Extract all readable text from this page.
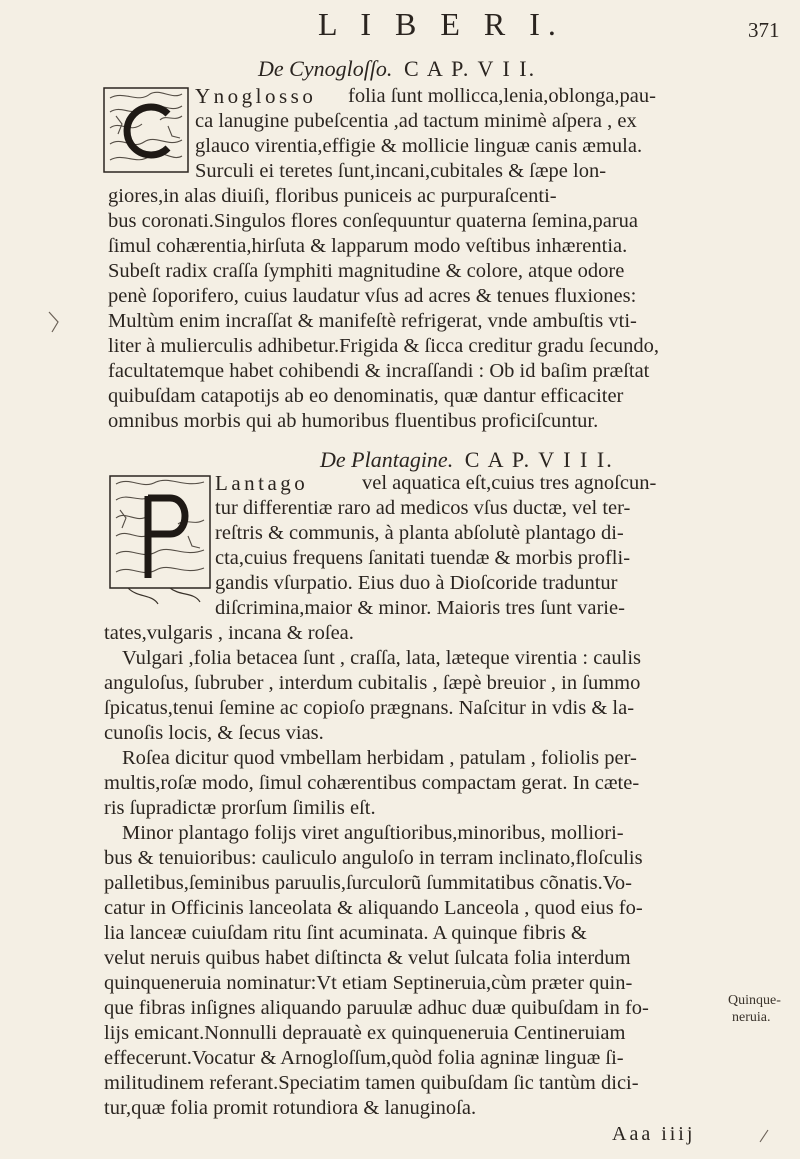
L I B E R I.	371
De Cynogloſſo. C A P. V I I.
Ynoglosso folia ſunt mollicca,lenia,oblonga,pau-
ca lanugine pubeſcentia ,ad tactum minimè aſpera , ex
glauco virentia,effigie & mollicie linguæ canis æmula.
Surculi ei teretes ſunt,incani,cubitales & ſæpe lon-
giores,in alas diuiſi, floribus puniceis ac purpuraſcenti-
bus coronati.Singulos flores conſequuntur quaterna ſemina,parua
ſimul cohærentia,hirſuta & lapparum modo veſtibus inhærentia.
Subeſt radix craſſa ſymphiti magnitudine & colore, atque odore
penè ſoporifero, cuius laudatur vſus ad acres & tenues fluxiones:
Multùm enim incraſſat & manifeſtè refrigerat, vnde ambuſtis vti-
liter à mulierculis adhibetur.Frigida & ſicca creditur gradu ſecundo,
facultatemque habet cohibendi & incraſſandi : Ob id baſim præſtat
quibuſdam catapotijs ab eo denominatis, quæ dantur efficaciter
omnibus morbis qui ab humoribus fluentibus proficiſcuntur.
De Plantagine. C A P. V I I I.
Lantago	vel aquatica eſt,cuius tres agnoſcun-
tur differentiæ raro ad medicos vſus ductæ, vel ter-
reſtris & communis, à planta abſolutè plantago di-
cta,cuius frequens ſanitati tuendæ & morbis profli-
gandis vſurpatio. Eius duo à Dioſcoride traduntur
diſcrimina,maior & minor. Maioris tres ſunt varie-
tates,vulgaris , incana & roſea.
Vulgari ,folia betacea ſunt , craſſa, lata, læteque virentia : caulis
anguloſus, ſubruber , interdum cubitalis , ſæpè breuior , in ſummo
ſpicatus,tenui ſemine ac copioſo prægnans. Naſcitur in vdis & la-
cunoſis locis, & ſecus vias.
Roſea dicitur quod vmbellam herbidam , patulam , foliolis per-
multis,roſæ modo, ſimul cohærentibus compactam gerat. In cæte-
ris ſupradictæ prorſum ſimilis eſt.
Minor plantago folijs viret anguſtioribus,minoribus, molliori-
bus & tenuioribus: cauliculo anguloſo in terram inclinato,floſculis
palletibus,ſeminibus paruulis,ſurculorũ ſummitatibus cõnatis.Vo-
catur in Officinis lanceolata & aliquando Lanceola , quod eius fo-
lia lanceæ cuiuſdam ritu ſint acuminata. A quinque fibris &
velut neruis quibus habet diſtincta & velut ſulcata folia interdum
quinqueneruia nominatur:Vt etiam Septineruia,cùm præter quin-
que fibras inſignes aliquando paruulæ adhuc duæ quibuſdam in fo-
lijs emicant.Nonnulli deprauatè ex quinqueneruia Centineruiam
effecerunt.Vocatur & Arnogloſſum,quòd folia agninæ linguæ ſi-
militudinem referant.Speciatim tamen quibuſdam ſic tantùm dici-
tur,quæ folia promit rotundiora & lanuginoſa.
Quinque-
neruia.
Aaa iiij
